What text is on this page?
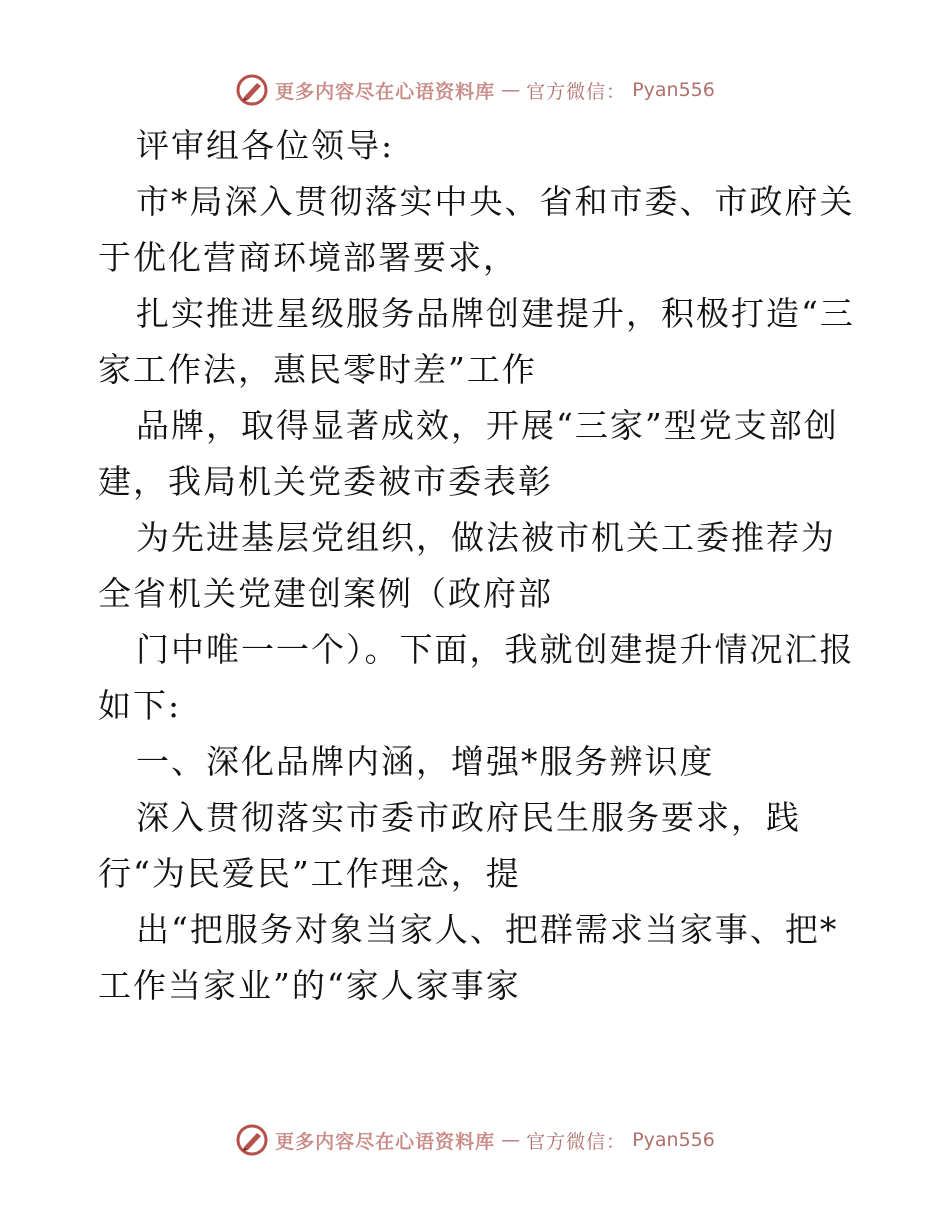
更多内容尽在心语资料库 — 官方微信： Pyan556

评审组各位领导:

市*局深入贯彻落实中央、省和市委、市政府关于优化营商环境部署要求，

扎实推进星级服务品牌创建提升，积极打造“三家工作法，惠民零时差”工作

品牌，取得显著成效，开展“三家”型党支部创建，我局机关党委被市委表彰

为先进基层党组织，做法被市机关工委推荐为全省机关党建创案例（政府部

门中唯一一个）。下面，我就创建提升情况汇报如下:

一、深化品牌内涵，增强*服务辨识度

深入贯彻落实市委市政府民生服务要求，践行“为民爱民”工作理念，提

出“把服务对象当家人、把群需求当家事、把*工作当家业”的“家人家事家

更多内容尽在心语资料库 — 官方微信： Pyan556
